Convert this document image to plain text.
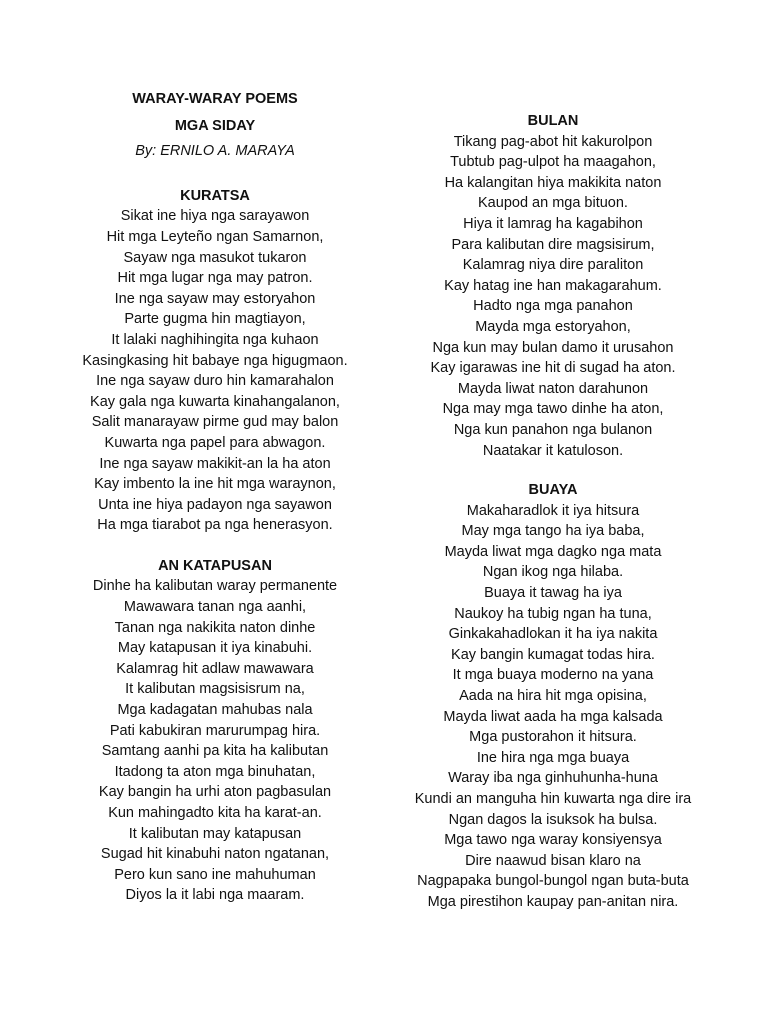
WARAY-WARAY POEMS
MGA SIDAY
By: ERNILO A. MARAYA
KURATSA
Sikat ine hiya nga sarayawon
Hit mga Leyteño ngan Samarnon,
Sayaw nga masukot tukaron
Hit mga lugar nga may patron.
Ine nga sayaw may estoryahon
Parte gugma hin magtiayon,
It lalaki naghihingita nga kuhaon
Kasingkasing hit babaye nga higugmaon.
Ine nga sayaw duro hin kamarahalon
Kay gala nga kuwarta kinahangalanon,
Salit manarayaw pirme gud may balon
Kuwarta nga papel para abwagon.
Ine nga sayaw makikit-an la ha aton
Kay imbento la ine hit mga waraynon,
Unta ine hiya padayon nga sayawon
Ha mga tiarabot pa nga henerasyon.
AN KATAPUSAN
Dinhe ha kalibutan waray permanente
Mawawara tanan nga aanhi,
Tanan nga nakikita naton dinhe
May katapusan it iya kinabuhi.
Kalamrag hit adlaw mawawara
It kalibutan magsisisrum na,
Mga kadagatan mahubas nala
Pati kabukiran marurumpag hira.
Samtang aanhi pa kita ha kalibutan
Itadong ta aton mga binuhatan,
Kay bangin ha urhi aton pagbasulan
Kun mahingadto kita ha karat-an.
It kalibutan may katapusan
Sugad hit kinabuhi naton ngatanan,
Pero kun sano ine mahuhuman
Diyos la it labi nga maaram.
BULAN
Tikang pag-abot hit kakurolpon
Tubtub pag-ulpot ha maagahon,
Ha kalangitan hiya makikita naton
Kaupod an mga bituon.
Hiya it lamrag ha kagabihon
Para kalibutan dire magsisirum,
Kalamrag niya dire paraliton
Kay hatag ine han makagarahum.
Hadto nga mga panahon
Mayda mga estoryahon,
Nga kun may bulan damo it urusahon
Kay igarawas ine hit di sugad ha aton.
Mayda liwat naton darahunon
Nga may mga tawo dinhe ha aton,
Nga kun panahon nga bulanon
Naatakar it katuloson.
BUAYA
Makaharadlok it iya hitsura
May mga tango ha iya baba,
Mayda liwat mga dagko nga mata
Ngan ikog nga hilaba.
Buaya it tawag ha iya
Naukoy ha tubig ngan ha tuna,
Ginkakahadlokan it ha iya nakita
Kay bangin kumagat todas hira.
It mga buaya moderno na yana
Aada na hira hit mga opisina,
Mayda liwat aada ha mga kalsada
Mga pustorahon it hitsura.
Ine hira nga mga buaya
Waray iba nga ginhuhunha-huna
Kundi an manguha hin kuwarta nga dire ira
Ngan dagos la isuksok ha bulsa.
Mga tawo nga waray konsiyensya
Dire naawud bisan klaro na
Nagpapaka bungol-bungol ngan buta-buta
Mga pirestihon kaupay pan-anitan nira.
